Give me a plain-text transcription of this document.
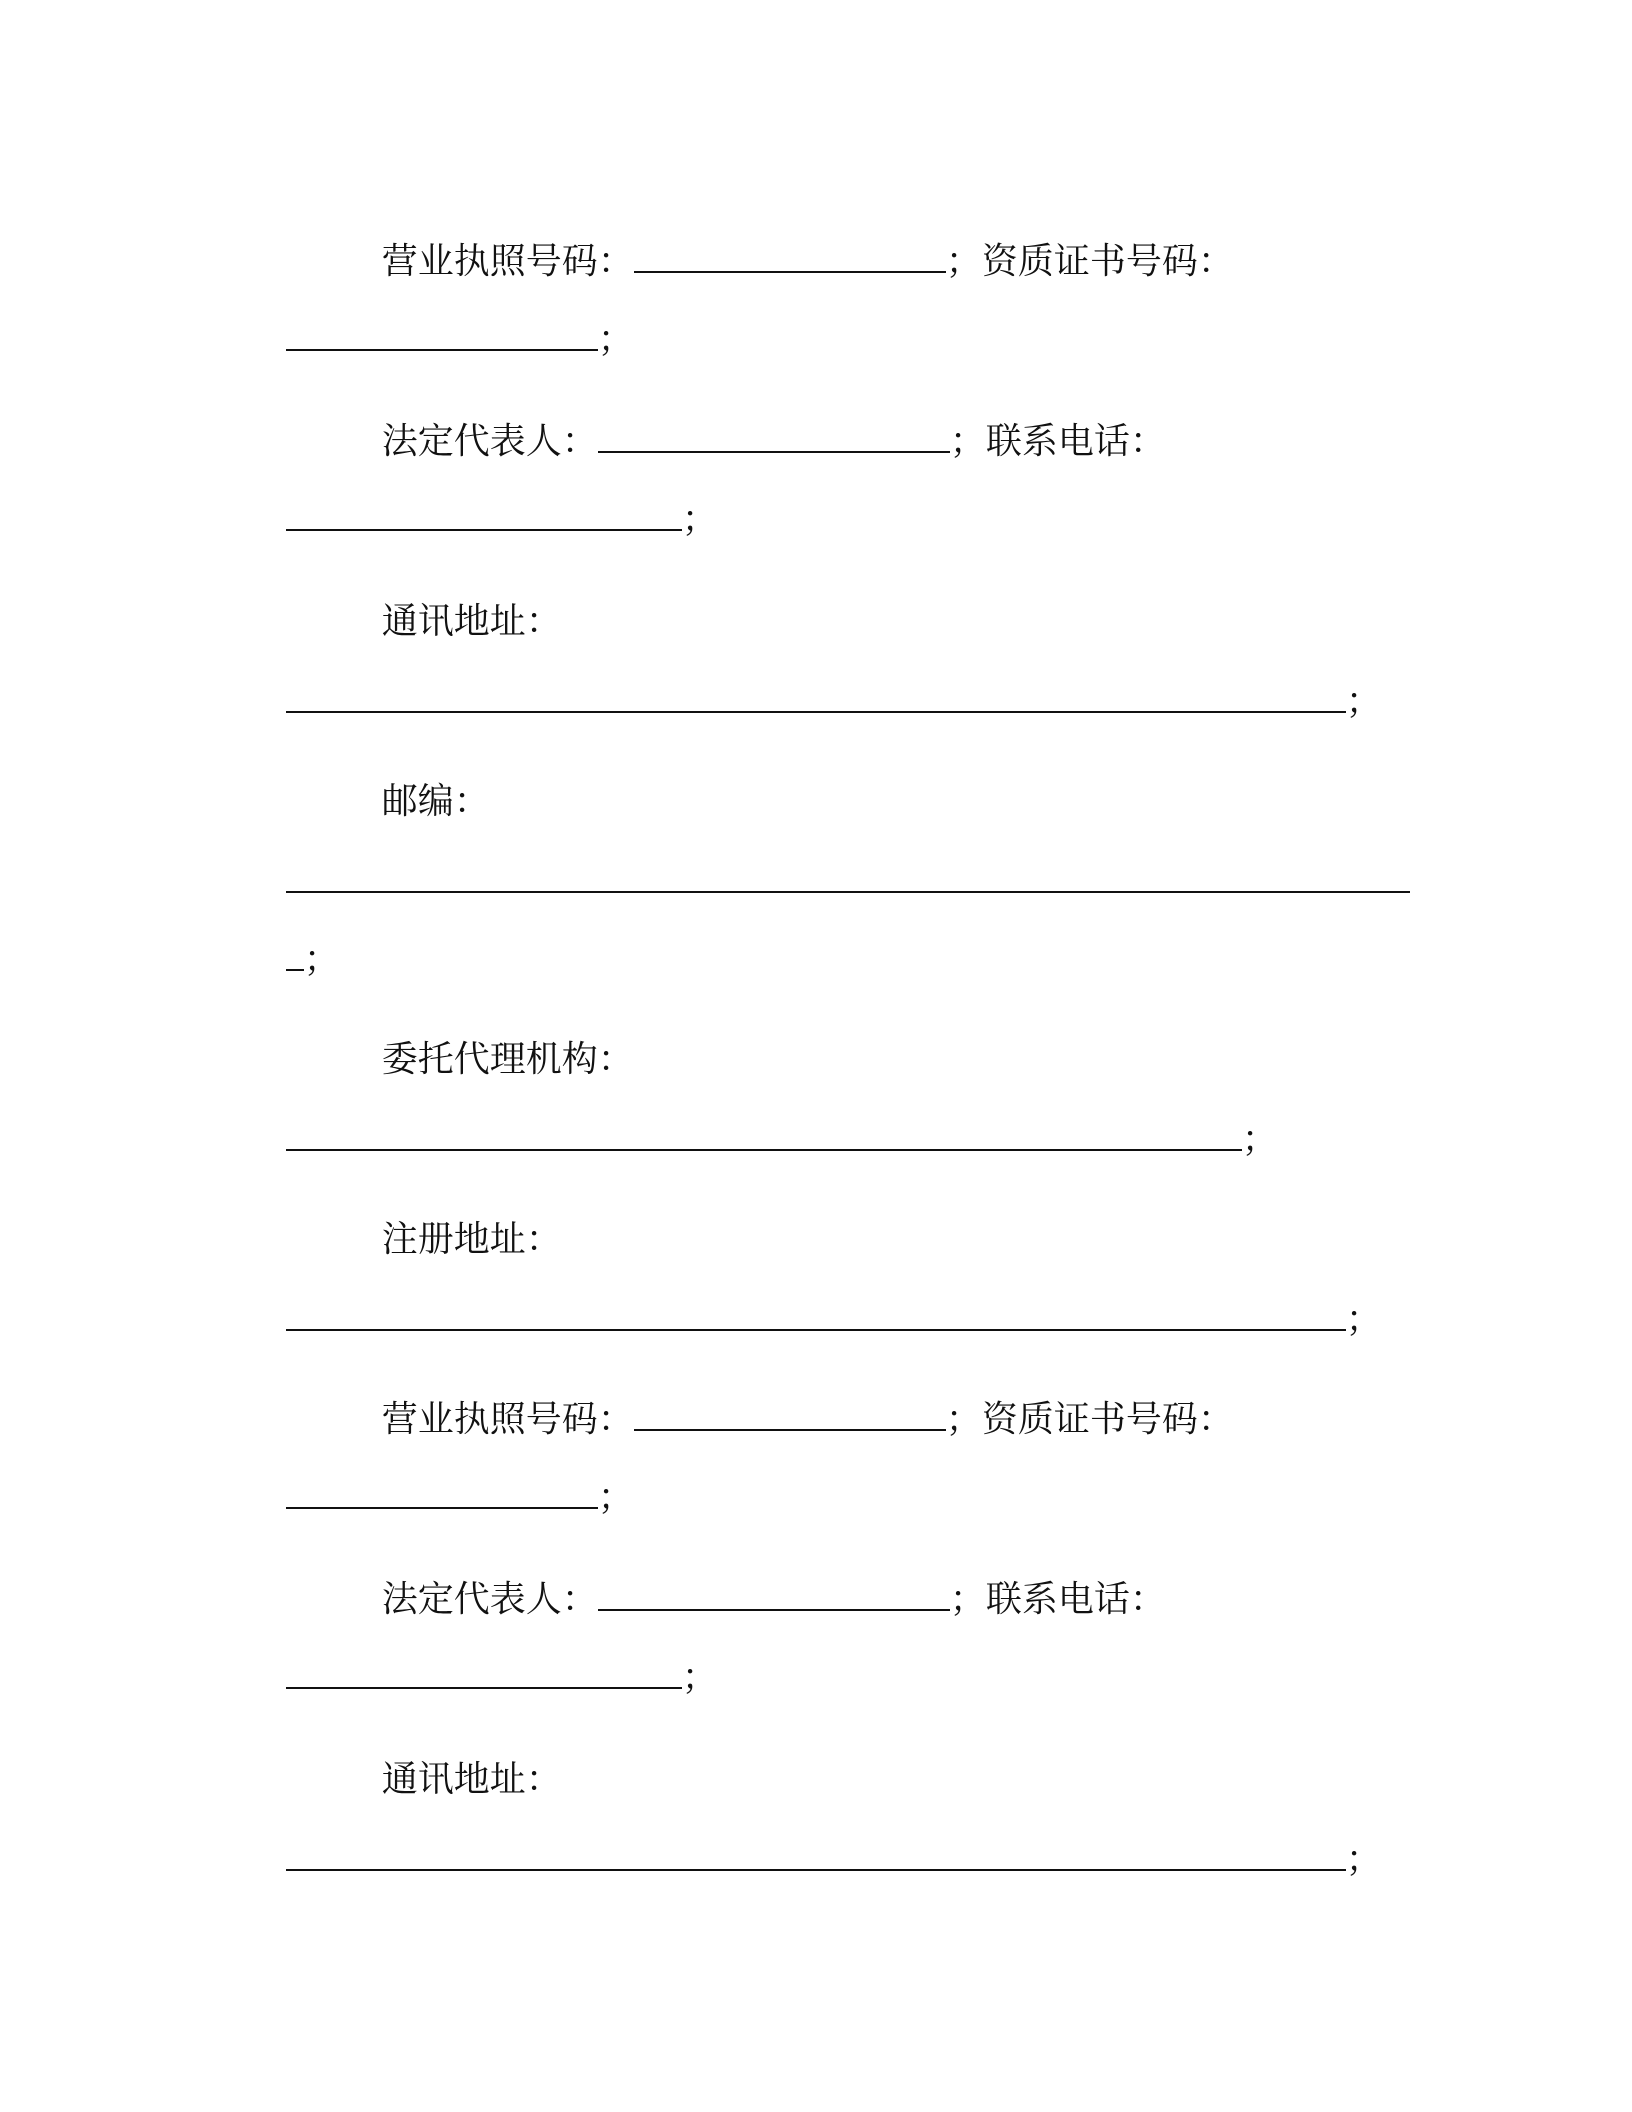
营业执照号码：	；资质证书号码：

；

法定代表人：	；联系电话：

；

通讯地址：

；

邮编：

；

委托代理机构：

；

注册地址：

；

营业执照号码：	；资质证书号码：

；

法定代表人：	；联系电话：

；

通讯地址：

；
